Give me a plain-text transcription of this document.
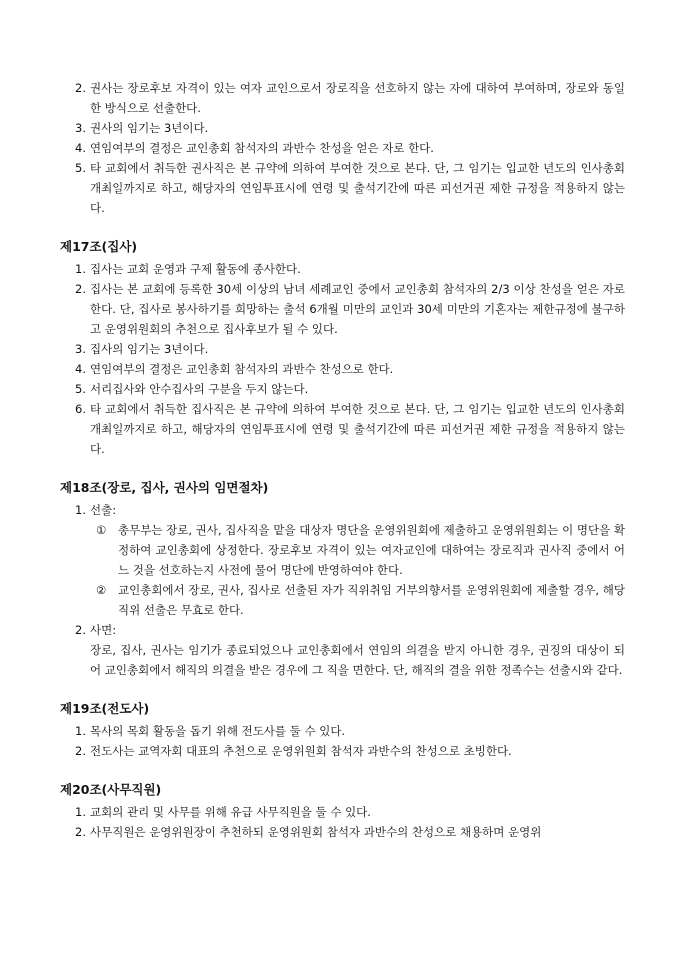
2. 권사는 장로후보 자격이 있는 여자 교인으로서 장로직을 선호하지 않는 자에 대하여 부여하며, 장로와 동일한 방식으로 선출한다.
3. 권사의 임기는 3년이다.
4. 연임여부의 결정은 교인총회 참석자의 과반수 찬성을 얻은 자로 한다.
5. 타 교회에서 취득한 권사직은 본 규약에 의하여 부여한 것으로 본다. 단, 그 임기는 입교한 년도의 인사총회 개최일까지로 하고, 해당자의 연임투표시에 연령 및 출석기간에 따른 피선거권 제한 규정을 적용하지 않는다.
제17조(집사)
1. 집사는 교회 운영과 구제 활동에 종사한다.
2. 집사는 본 교회에 등록한 30세 이상의 남녀 세례교인 중에서 교인총회 참석자의 2/3 이상 찬성을 얻은 자로 한다. 단, 집사로 봉사하기를 희망하는 출석 6개월 미만의 교인과 30세 미만의 기혼자는 제한규정에 불구하고 운영위원회의 추천으로 집사후보가 될 수 있다.
3. 집사의 임기는 3년이다.
4. 연임여부의 결정은 교인총회 참석자의 과반수 찬성으로 한다.
5. 서리집사와 안수집사의 구분을 두지 않는다.
6. 타 교회에서 취득한 집사직은 본 규약에 의하여 부여한 것으로 본다. 단, 그 임기는 입교한 년도의 인사총회 개최일까지로 하고, 해당자의 연임투표시에 연령 및 출석기간에 따른 피선거권 제한 규정을 적용하지 않는다.
제18조(장로, 집사, 권사의 임면절차)
1. 선출:
① 총무부는 장로, 권사, 집사직을 맡을 대상자 명단을 운영위원회에 제출하고 운영위원회는 이 명단을 확정하여 교인총회에 상정한다. 장로후보 자격이 있는 여자교인에 대하여는 장로직과 권사직 중에서 어느 것을 선호하는지 사전에 물어 명단에 반영하여야 한다.
② 교인총회에서 장로, 권사, 집사로 선출된 자가 직위취임 거부의향서를 운영위원회에 제출할 경우, 해당 직위 선출은 무효로 한다.
2. 사면:
장로, 집사, 권사는 임기가 종료되었으나 교인총회에서 연임의 의결을 받지 아니한 경우, 권징의 대상이 되어 교인총회에서 해직의 의결을 받은 경우에 그 직을 면한다. 단, 해직의 결을 위한 정족수는 선출시와 같다.
제19조(전도사)
1. 목사의 목회 활동을 돕기 위해 전도사를 둘 수 있다.
2. 전도사는 교역자회 대표의 추천으로 운영위원회 참석자 과반수의 찬성으로 초빙한다.
제20조(사무직원)
1. 교회의 관리 및 사무를 위해 유급 사무직원을 둘 수 있다.
2. 사무직원은 운영위원장이 추천하되 운영위원회 참석자 과반수의 찬성으로 채용하며 운영위
